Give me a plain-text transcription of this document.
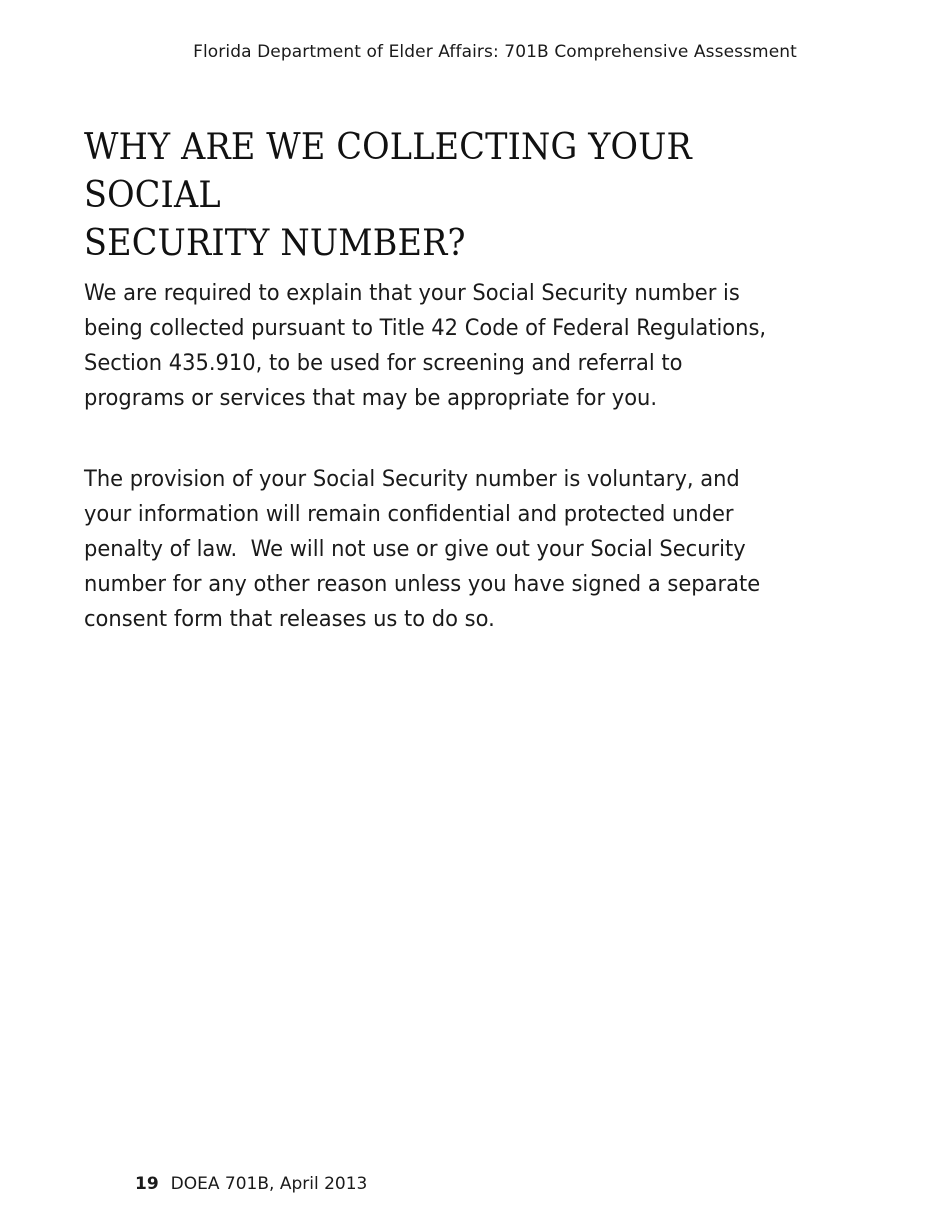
Florida Department of Elder Affairs: 701B Comprehensive Assessment
WHY ARE WE COLLECTING YOUR SOCIAL
SECURITY NUMBER?

We are required to explain that your Social Security number is
being collected pursuant to Title 42 Code of Federal Regulations,
Section 435.910, to be used for screening and referral to
programs or services that may be appropriate for you.

The provision of your Social Security number is voluntary, and
your information will remain confidential and protected under
penalty of law.  We will not use or give out your Social Security
number for any other reason unless you have signed a separate
consent form that releases us to do so.

19 DOEA 701B, April 2013
